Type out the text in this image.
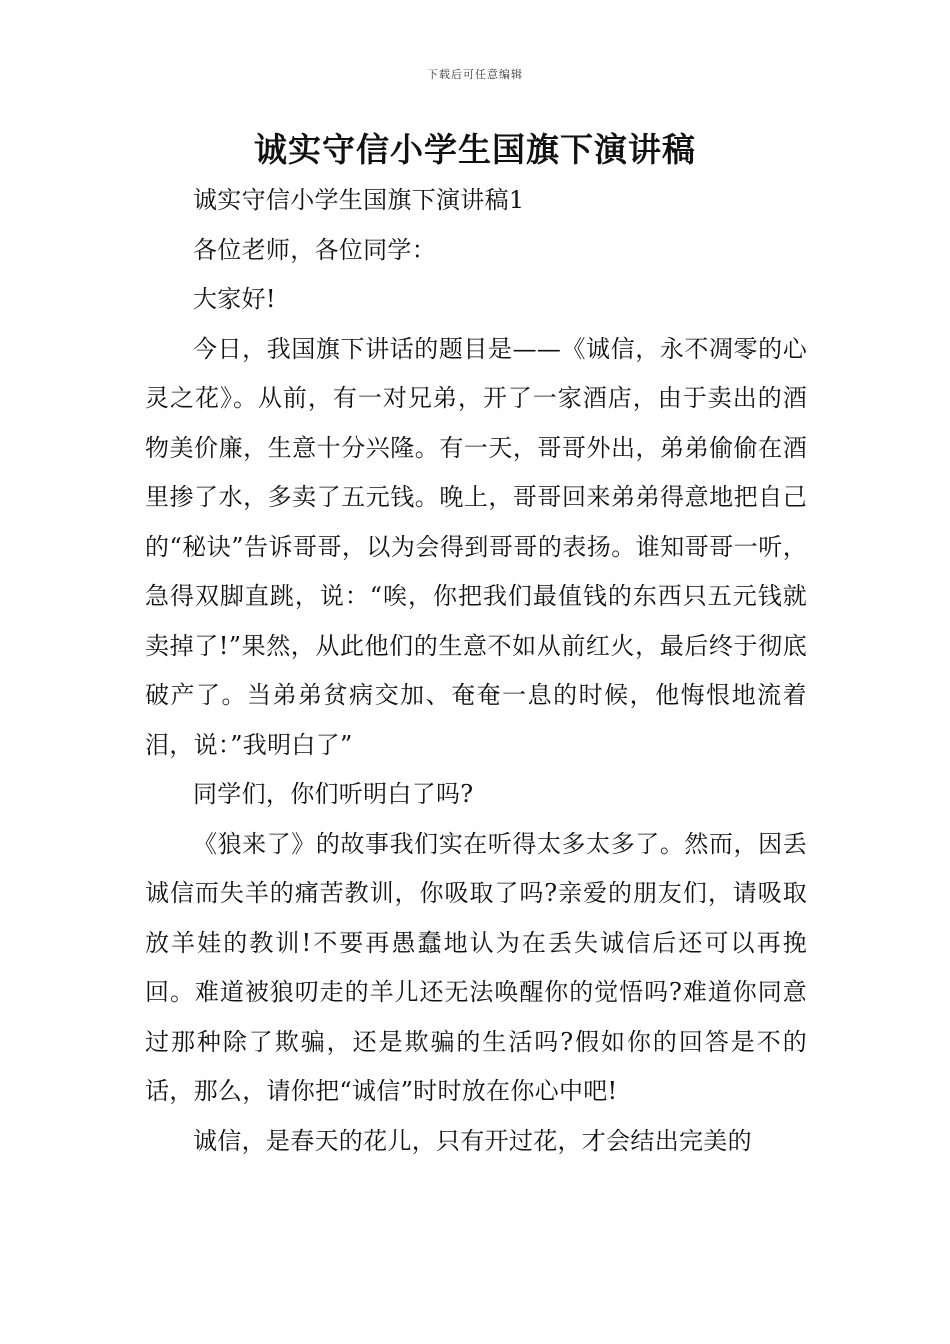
下载后可任意编辑
诚实守信小学生国旗下演讲稿

诚实守信小学生国旗下演讲稿1

各位老师，各位同学：

大家好!

今日，我国旗下讲话的题目是——《诚信，永不凋零的心灵之花》。从前，有一对兄弟，开了一家酒店，由于卖出的酒物美价廉，生意十分兴隆。有一天，哥哥外出，弟弟偷偷在酒里掺了水，多卖了五元钱。晚上，哥哥回来弟弟得意地把自己的“秘诀”告诉哥哥，以为会得到哥哥的表扬。谁知哥哥一听，急得双脚直跳，说：“唉，你把我们最值钱的东西只五元钱就卖掉了!”果然，从此他们的生意不如从前红火，最后终于彻底破产了。当弟弟贫病交加、奄奄一息的时候，他悔恨地流着泪，说：”我明白了”

同学们，你们听明白了吗?

《狼来了》的故事我们实在听得太多太多了。然而，因丢诚信而失羊的痛苦教训，你吸取了吗?亲爱的朋友们，请吸取放羊娃的教训!不要再愚蠢地认为在丢失诚信后还可以再挽回。难道被狼叨走的羊儿还无法唤醒你的觉悟吗?难道你同意过那种除了欺骗，还是欺骗的生活吗?假如你的回答是不的话，那么，请你把“诚信”时时放在你心中吧!

诚信，是春天的花儿，只有开过花，才会结出完美的
